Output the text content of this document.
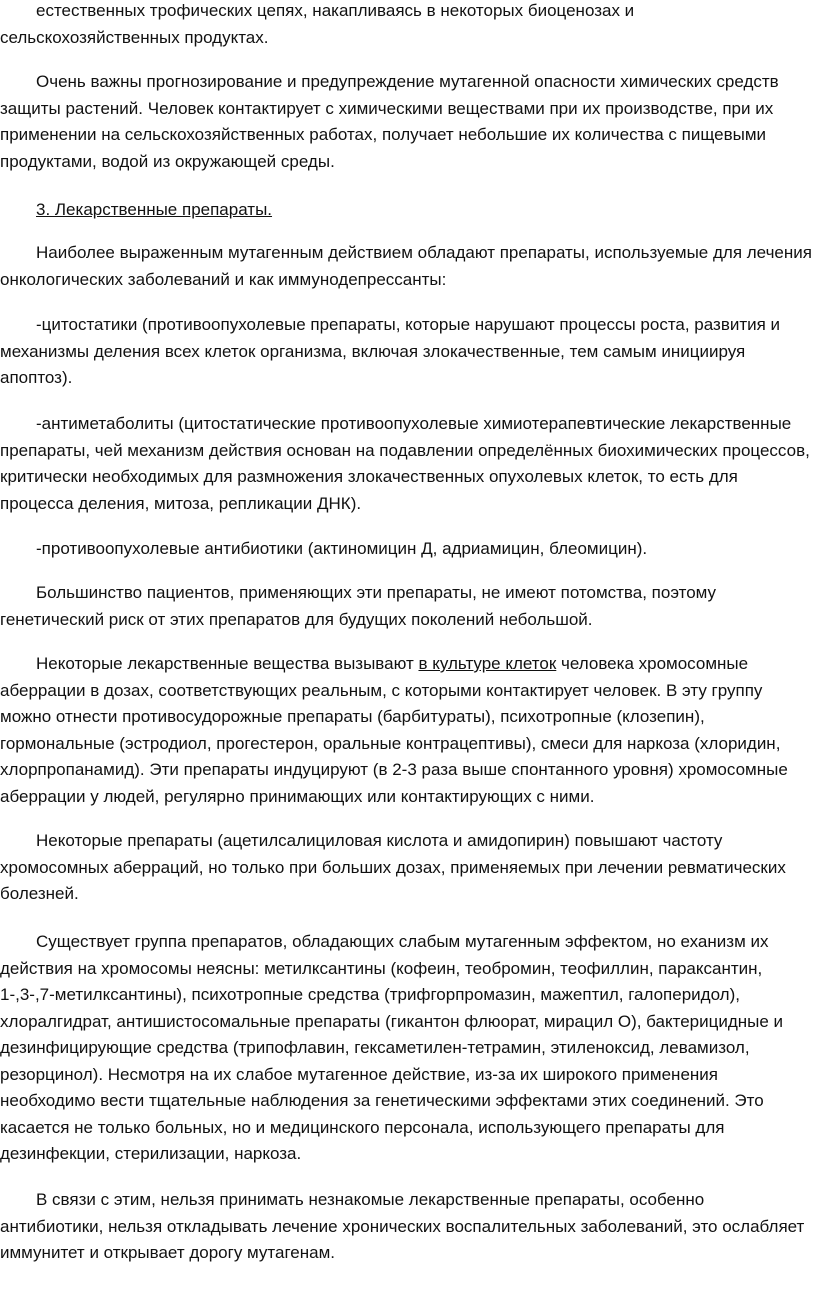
естественных трофических цепях, накапливаясь в некоторых биоценозах и сельскохозяйственных продуктах.

Очень важны прогнозирование и предупреждение мутагенной опасности химических средств защиты растений. Человек контактирует с химическими веществами при их производстве, при их применении на сельскохозяйственных работах, получает небольшие их количества с пищевыми продуктами, водой из окружающей среды.

3. Лекарственные препараты.

Наиболее выраженным мутагенным действием обладают препараты, используемые для лечения онкологических заболеваний и как иммунодепрессанты:

-цитостатики (противоопухолевые препараты, которые нарушают процессы роста, развития и механизмы деления всех клеток организма, включая злокачественные, тем самым инициируя апоптоз).

-антиметаболиты (цитостатические противоопухолевые химиотерапевтические лекарственные препараты, чей механизм действия основан на подавлении определённых биохимических процессов, критически необходимых для размножения злокачественных опухолевых клеток, то есть для процесса деления, митоза, репликации ДНК).

-противоопухолевые антибиотики (актиномицин Д, адриамицин, блеомицин).

Большинство пациентов, применяющих эти препараты, не имеют потомства, поэтому генетический риск от этих препаратов для будущих поколений небольшой.

Некоторые лекарственные вещества вызывают в культуре клеток человека хромосомные аберрации в дозах, соответствующих реальным, с которыми контактирует человек. В эту группу можно отнести противосудорожные препараты (барбитураты), психотропные (клозепин), гормональные (эстродиол, прогестерон, оральные контрацептивы), смеси для наркоза (хлоридин, хлорпропанамид). Эти препараты индуцируют (в 2-3 раза выше спонтанного уровня) хромосомные аберрации у людей, регулярно принимающих или контактирующих с ними.

Некоторые препараты (ацетилсалициловая кислота и амидопирин) повышают частоту хромосомных аберраций, но только при больших дозах, применяемых при лечении ревматических болезней.

Существует группа препаратов, обладающих слабым мутагенным эффектом, но еханизм их действия на хромосомы неясны: метилксантины (кофеин, теобромин, теофиллин, параксантин, 1-,3-,7-метилксантины), психотропные средства (трифгорпромазин, мажептил, галоперидол), хлоралгидрат, антишистосомальные препараты (гикантон флюорат, мирацил О), бактерицидные и дезинфицирующие средства (трипофлавин, гексаметилен-тетрамин, этиленоксид, левамизол, резорцинол). Несмотря на их слабое мутагенное действие, из-за их широкого применения необходимо вести тщательные наблюдения за генетическими эффектами этих соединений. Это касается не только больных, но и медицинского персонала, использующего препараты для дезинфекции, стерилизации, наркоза.

В связи с этим, нельзя принимать незнакомые лекарственные препараты, особенно антибиотики, нельзя откладывать лечение хронических воспалительных заболеваний, это ослабляет иммунитет и открывает дорогу мутагенам.
